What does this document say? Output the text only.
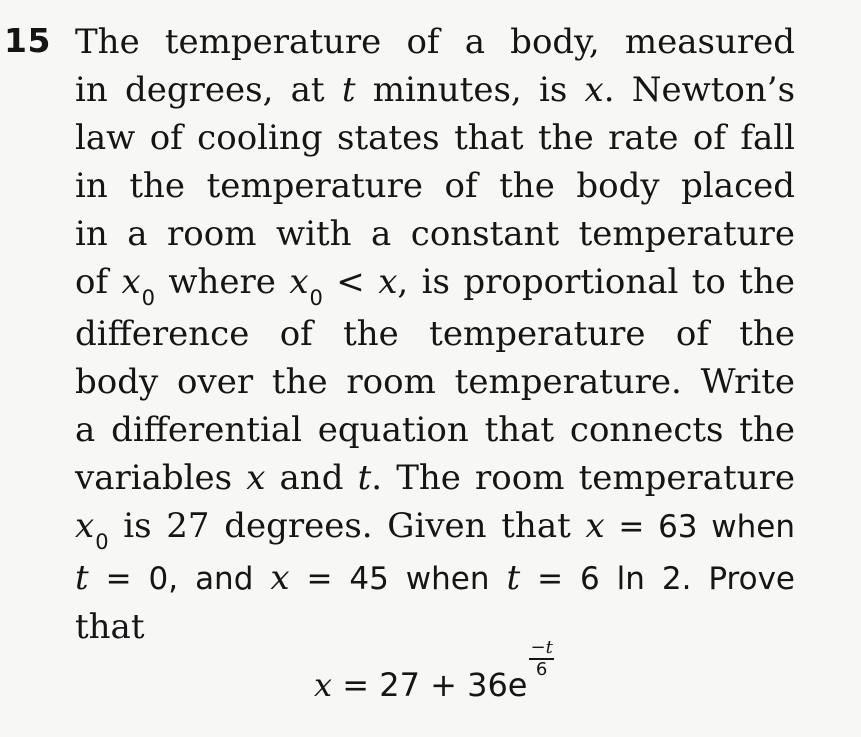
15 The temperature of a body, measured
in degrees, at t minutes, is x. Newton’s
law of cooling states that the rate of fall
in the temperature of the body placed
in a room with a constant temperature
of $x_0$ where $x_0 < x$, is proportional to the
difference of the temperature of the
body over the room temperature. Write
a differential equation that connects the
variables x and t. The room temperature
$x_0$ is 27 degrees. Given that x = 63 when
t = 0, and x = 45 when t = 6 ln 2. Prove
that
x = 27 + 36e
$\frac{-t}{6}$
